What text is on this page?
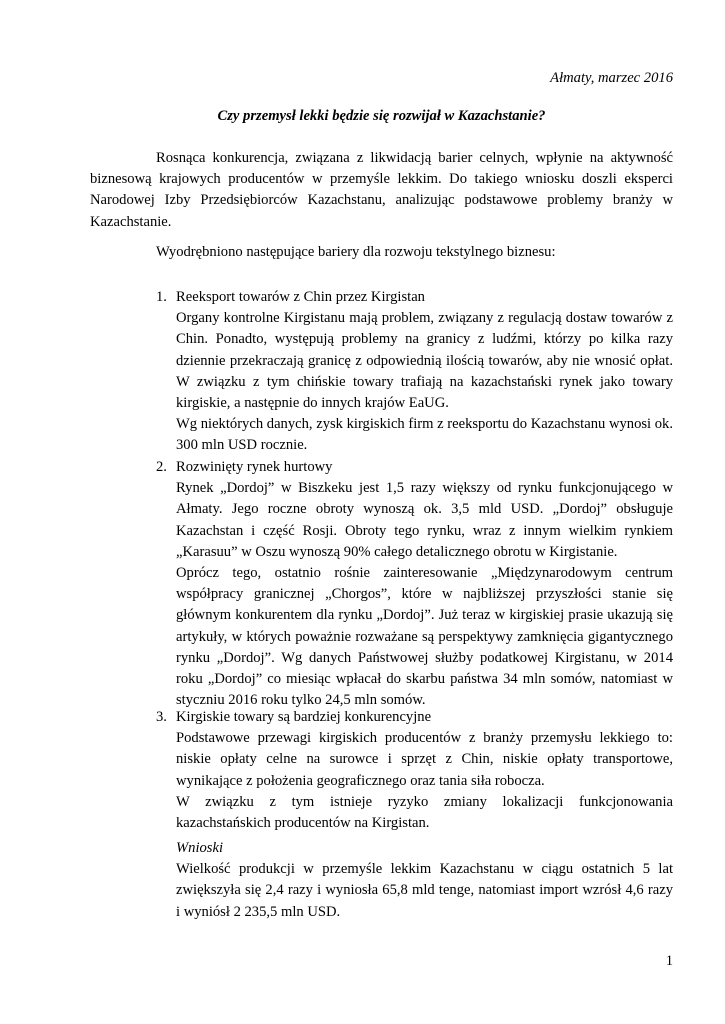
Ałmaty, marzec 2016

Czy przemysł lekki będzie się rozwijał w Kazachstanie?

Rosnąca konkurencja, związana z likwidacją barier celnych, wpłynie na aktywność biznesową krajowych producentów w przemyśle lekkim. Do takiego wniosku doszli eksperci Narodowej Izby Przedsiębiorców Kazachstanu, analizując podstawowe problemy branży w Kazachstanie.

Wyodrębniono następujące bariery dla rozwoju tekstylnego biznesu:

1. Reeksport towarów z Chin przez Kirgistan

Organy kontrolne Kirgistanu mają problem, związany z regulacją dostaw towarów z Chin. Ponadto, występują problemy na granicy z ludźmi, którzy po kilka razy dziennie przekraczają granicę z odpowiednią ilością towarów, aby nie wnosić opłat. W związku z tym chińskie towary trafiają na kazachstański rynek jako towary kirgiskie, a następnie do innych krajów EaUG.

Wg niektórych danych, zysk kirgiskich firm z reeksportu do Kazachstanu wynosi ok. 300 mln USD rocznie.

2. Rozwinięty rynek hurtowy

Rynek „Dordoj” w Biszkeku jest 1,5 razy większy od rynku funkcjonującego w Ałmaty. Jego roczne obroty wynoszą ok. 3,5 mld USD. „Dordoj” obsługuje Kazachstan i część Rosji. Obroty tego rynku, wraz z innym wielkim rynkiem „Karasuu” w Oszu wynoszą 90% całego detalicznego obrotu w Kirgistanie.

Oprócz tego, ostatnio rośnie zainteresowanie „Międzynarodowym centrum współpracy granicznej „Chorgos”, które w najbliższej przyszłości stanie się głównym konkurentem dla rynku „Dordoj”. Już teraz w kirgiskiej prasie ukazują się artykuły, w których poważnie rozważane są perspektywy zamknięcia gigantycznego rynku „Dordoj”. Wg danych Państwowej służby podatkowej Kirgistanu, w 2014 roku „Dordoj” co miesiąc wpłacał do skarbu państwa 34 mln somów, natomiast w styczniu 2016 roku tylko 24,5 mln somów.

3. Kirgiskie towary są bardziej konkurencyjne

Podstawowe przewagi kirgiskich producentów z branży przemysłu lekkiego to: niskie opłaty celne na surowce i sprzęt z Chin, niskie opłaty transportowe, wynikające z położenia geograficznego oraz tania siła robocza.

W związku z tym istnieje ryzyko zmiany lokalizacji funkcjonowania kazachstańskich producentów na Kirgistan.

Wnioski

Wielkość produkcji w przemyśle lekkim Kazachstanu w ciągu ostatnich 5 lat zwiększyła się 2,4 razy i wyniosła 65,8 mld tenge, natomiast import wzrósł 4,6 razy i wyniósł 2 235,5 mln USD.

1
